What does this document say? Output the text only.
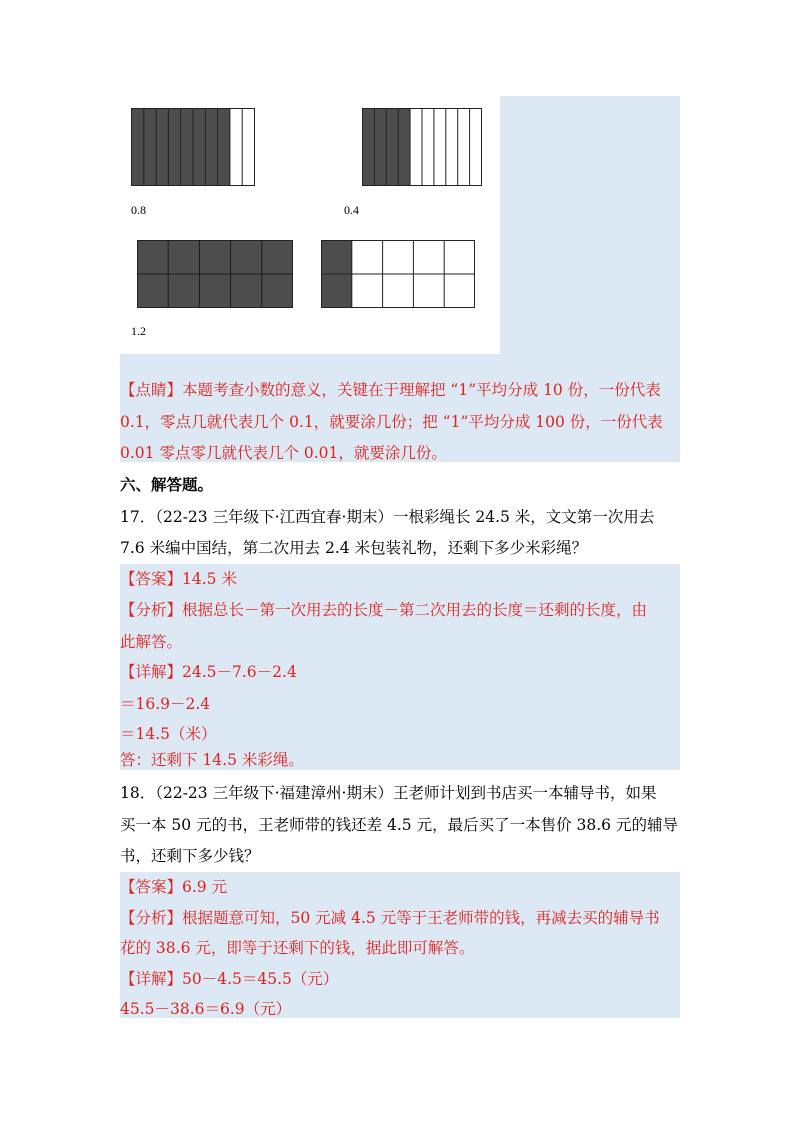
0.8	0.4
1.2
【点睛】本题考查小数的意义，关键在于理解把 “1”平均分成 10 份，一份代表
0.1，零点几就代表几个 0.1，就要涂几份；把 “1”平均分成 100 份，一份代表
0.01 零点零几就代表几个 0.01，就要涂几份。
六、解答题。
17．（22-23 三年级下·江西宜春·期末）一根彩绳长 24.5 米，文文第一次用去
7.6 米编中国结，第二次用去 2.4 米包装礼物，还剩下多少米彩绳？
【答案】14.5 米
【分析】根据总长－第一次用去的长度－第二次用去的长度＝还剩的长度，由
此解答。
【详解】24.5－7.6－2.4
＝16.9－2.4
＝14.5（米）
答：还剩下 14.5 米彩绳。
18．（22-23 三年级下·福建漳州·期末）王老师计划到书店买一本辅导书，如果
买一本 50 元的书，王老师带的钱还差 4.5 元，最后买了一本售价 38.6 元的辅导
书，还剩下多少钱？
【答案】6.9 元
【分析】根据题意可知，50 元减 4.5 元等于王老师带的钱，再减去买的辅导书
花的 38.6 元，即等于还剩下的钱，据此即可解答。
【详解】50－4.5＝45.5（元）
45.5－38.6＝6.9（元）
